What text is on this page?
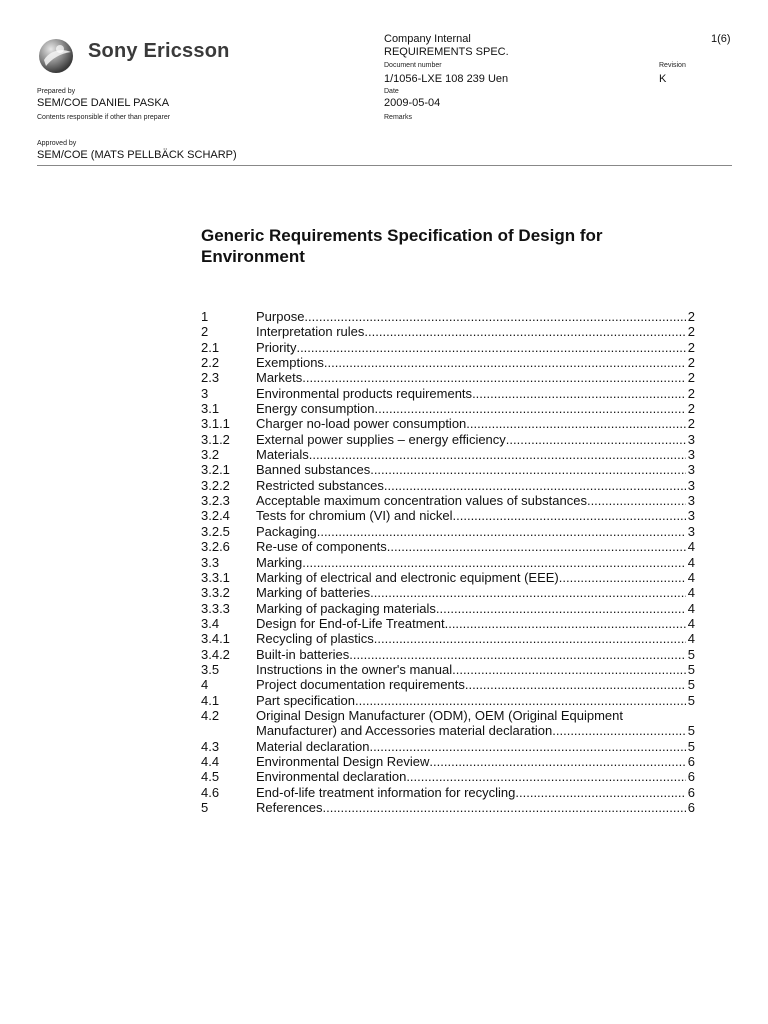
Sony Ericsson
Company Internal	1(6)
REQUIREMENTS SPEC.
Document number	Revision
1/1056-LXE 108 239 Uen	K
Prepared by	Date
SEM/COE DANIEL PASKA	2009-05-04
Contents responsible if other than preparer	Remarks
Approved by
SEM/COE (MATS PELLBÄCK SCHARP)
Generic Requirements Specification of Design for
Environment
1	Purpose .....	2
2	Interpretation rules .....	2
2.1	Priority .....	2
2.2	Exemptions .....	2
2.3	Markets .....	2
3	Environmental products requirements .....	2
3.1	Energy consumption .....	2
3.1.1	Charger no-load power consumption .....	2
3.1.2	External power supplies – energy efficiency .....	3
3.2	Materials .....	3
3.2.1	Banned substances .....	3
3.2.2	Restricted substances .....	3
3.2.3	Acceptable maximum concentration values of substances .....	3
3.2.4	Tests for chromium (VI) and nickel .....	3
3.2.5	Packaging .....	3
3.2.6	Re-use of components .....	4
3.3	Marking .....	4
3.3.1	Marking of electrical and electronic equipment (EEE) .....	4
3.3.2	Marking of batteries .....	4
3.3.3	Marking of packaging materials .....	4
3.4	Design for End-of-Life Treatment .....	4
3.4.1	Recycling of plastics .....	4
3.4.2	Built-in batteries .....	5
3.5	Instructions in the owner's manual .....	5
4	Project documentation requirements .....	5
4.1	Part specification .....	5
4.2	Original Design Manufacturer (ODM), OEM (Original Equipment
Manufacturer) and Accessories material declaration .....	5
4.3	Material declaration .....	5
4.4	Environmental Design Review .....	6
4.5	Environmental declaration .....	6
4.6	End-of-life treatment information for recycling .....	6
5	References .....	6
